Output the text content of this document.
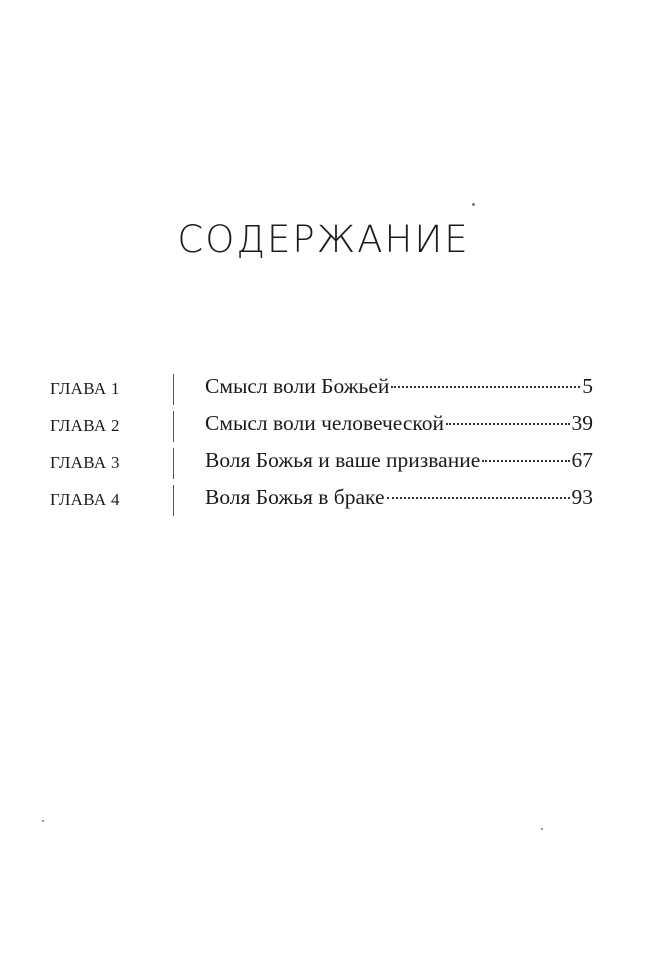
СОДЕРЖАНИЕ
ГЛАВА 1	Смысл воли Божьей	5
ГЛАВА 2	Смысл воли человеческой	39
ГЛАВА 3	Воля Божья и ваше призвание	67
ГЛАВА 4	Воля Божья в браке	93
